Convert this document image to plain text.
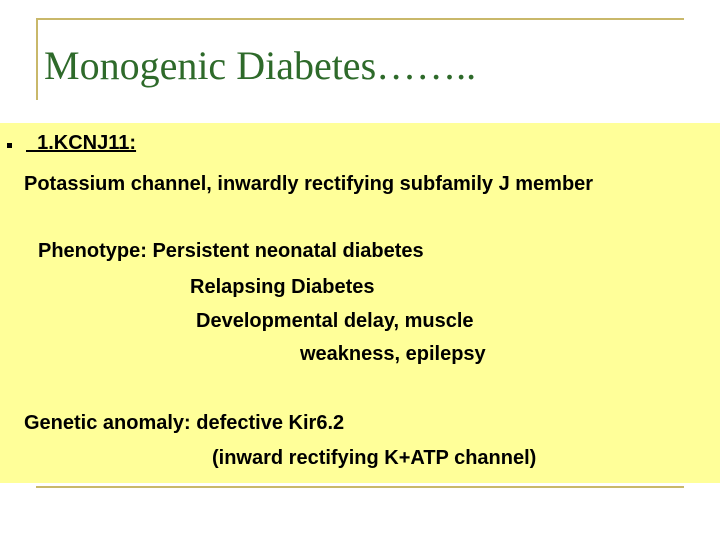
Monogenic Diabetes……..
1.KCNJ11:
Potassium channel, inwardly rectifying subfamily J member
Phenotype: Persistent neonatal diabetes
Relapsing Diabetes
Developmental delay, muscle
weakness, epilepsy
Genetic anomaly: defective Kir6.2
(inward rectifying K+ATP channel)
